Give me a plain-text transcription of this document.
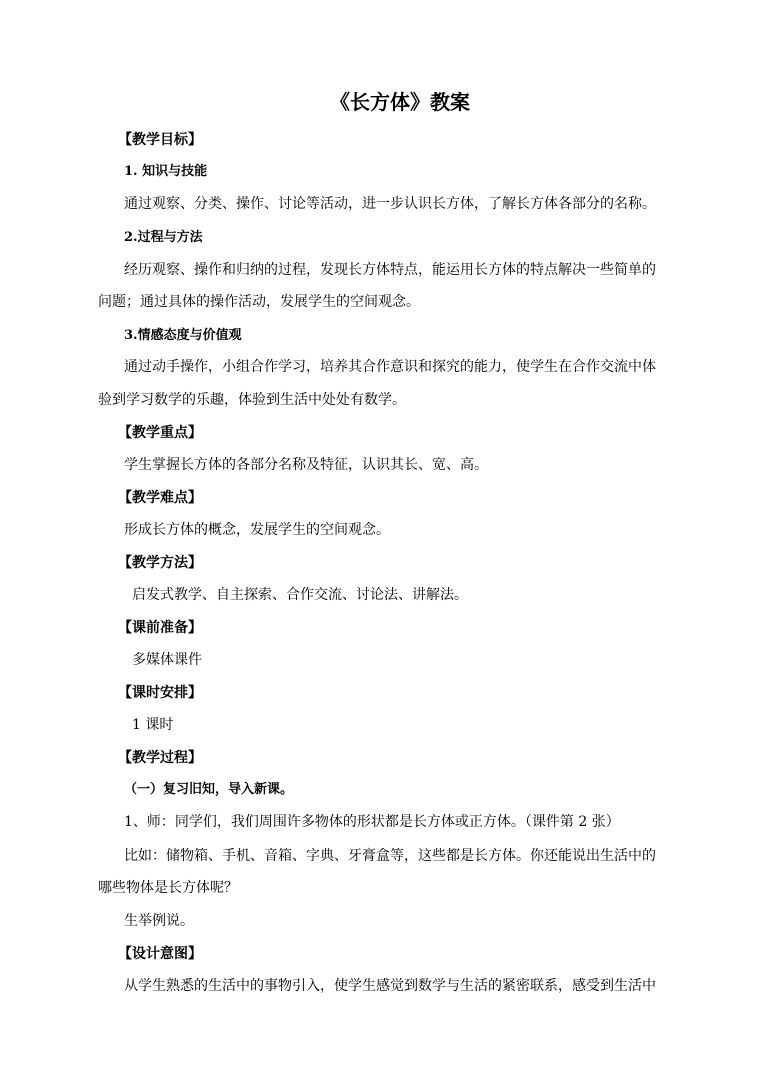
《长方体》教案
【教学目标】
1. 知识与技能
通过观察、分类、操作、讨论等活动，进一步认识长方体，了解长方体各部分的名称。
2.过程与方法
经历观察、操作和归纳的过程，发现长方体特点，能运用长方体的特点解决一些简单的
问题；通过具体的操作活动，发展学生的空间观念。
3.情感态度与价值观
通过动手操作，小组合作学习，培养其合作意识和探究的能力，使学生在合作交流中体
验到学习数学的乐趣，体验到生活中处处有数学。
【教学重点】
学生掌握长方体的各部分名称及特征，认识其长、宽、高。
【教学难点】
形成长方体的概念，发展学生的空间观念。
【教学方法】
启发式教学、自主探索、合作交流、讨论法、讲解法。
【课前准备】
多媒体课件
【课时安排】
1 课时
【教学过程】
（一）复习旧知，导入新课。
1、师：同学们，我们周围许多物体的形状都是长方体或正方体。（课件第 2 张）
比如：储物箱、手机、音箱、字典、牙膏盒等，这些都是长方体。你还能说出生活中的
哪些物体是长方体呢？
生举例说。
【设计意图】
从学生熟悉的生活中的事物引入，使学生感觉到数学与生活的紧密联系，感受到生活中
